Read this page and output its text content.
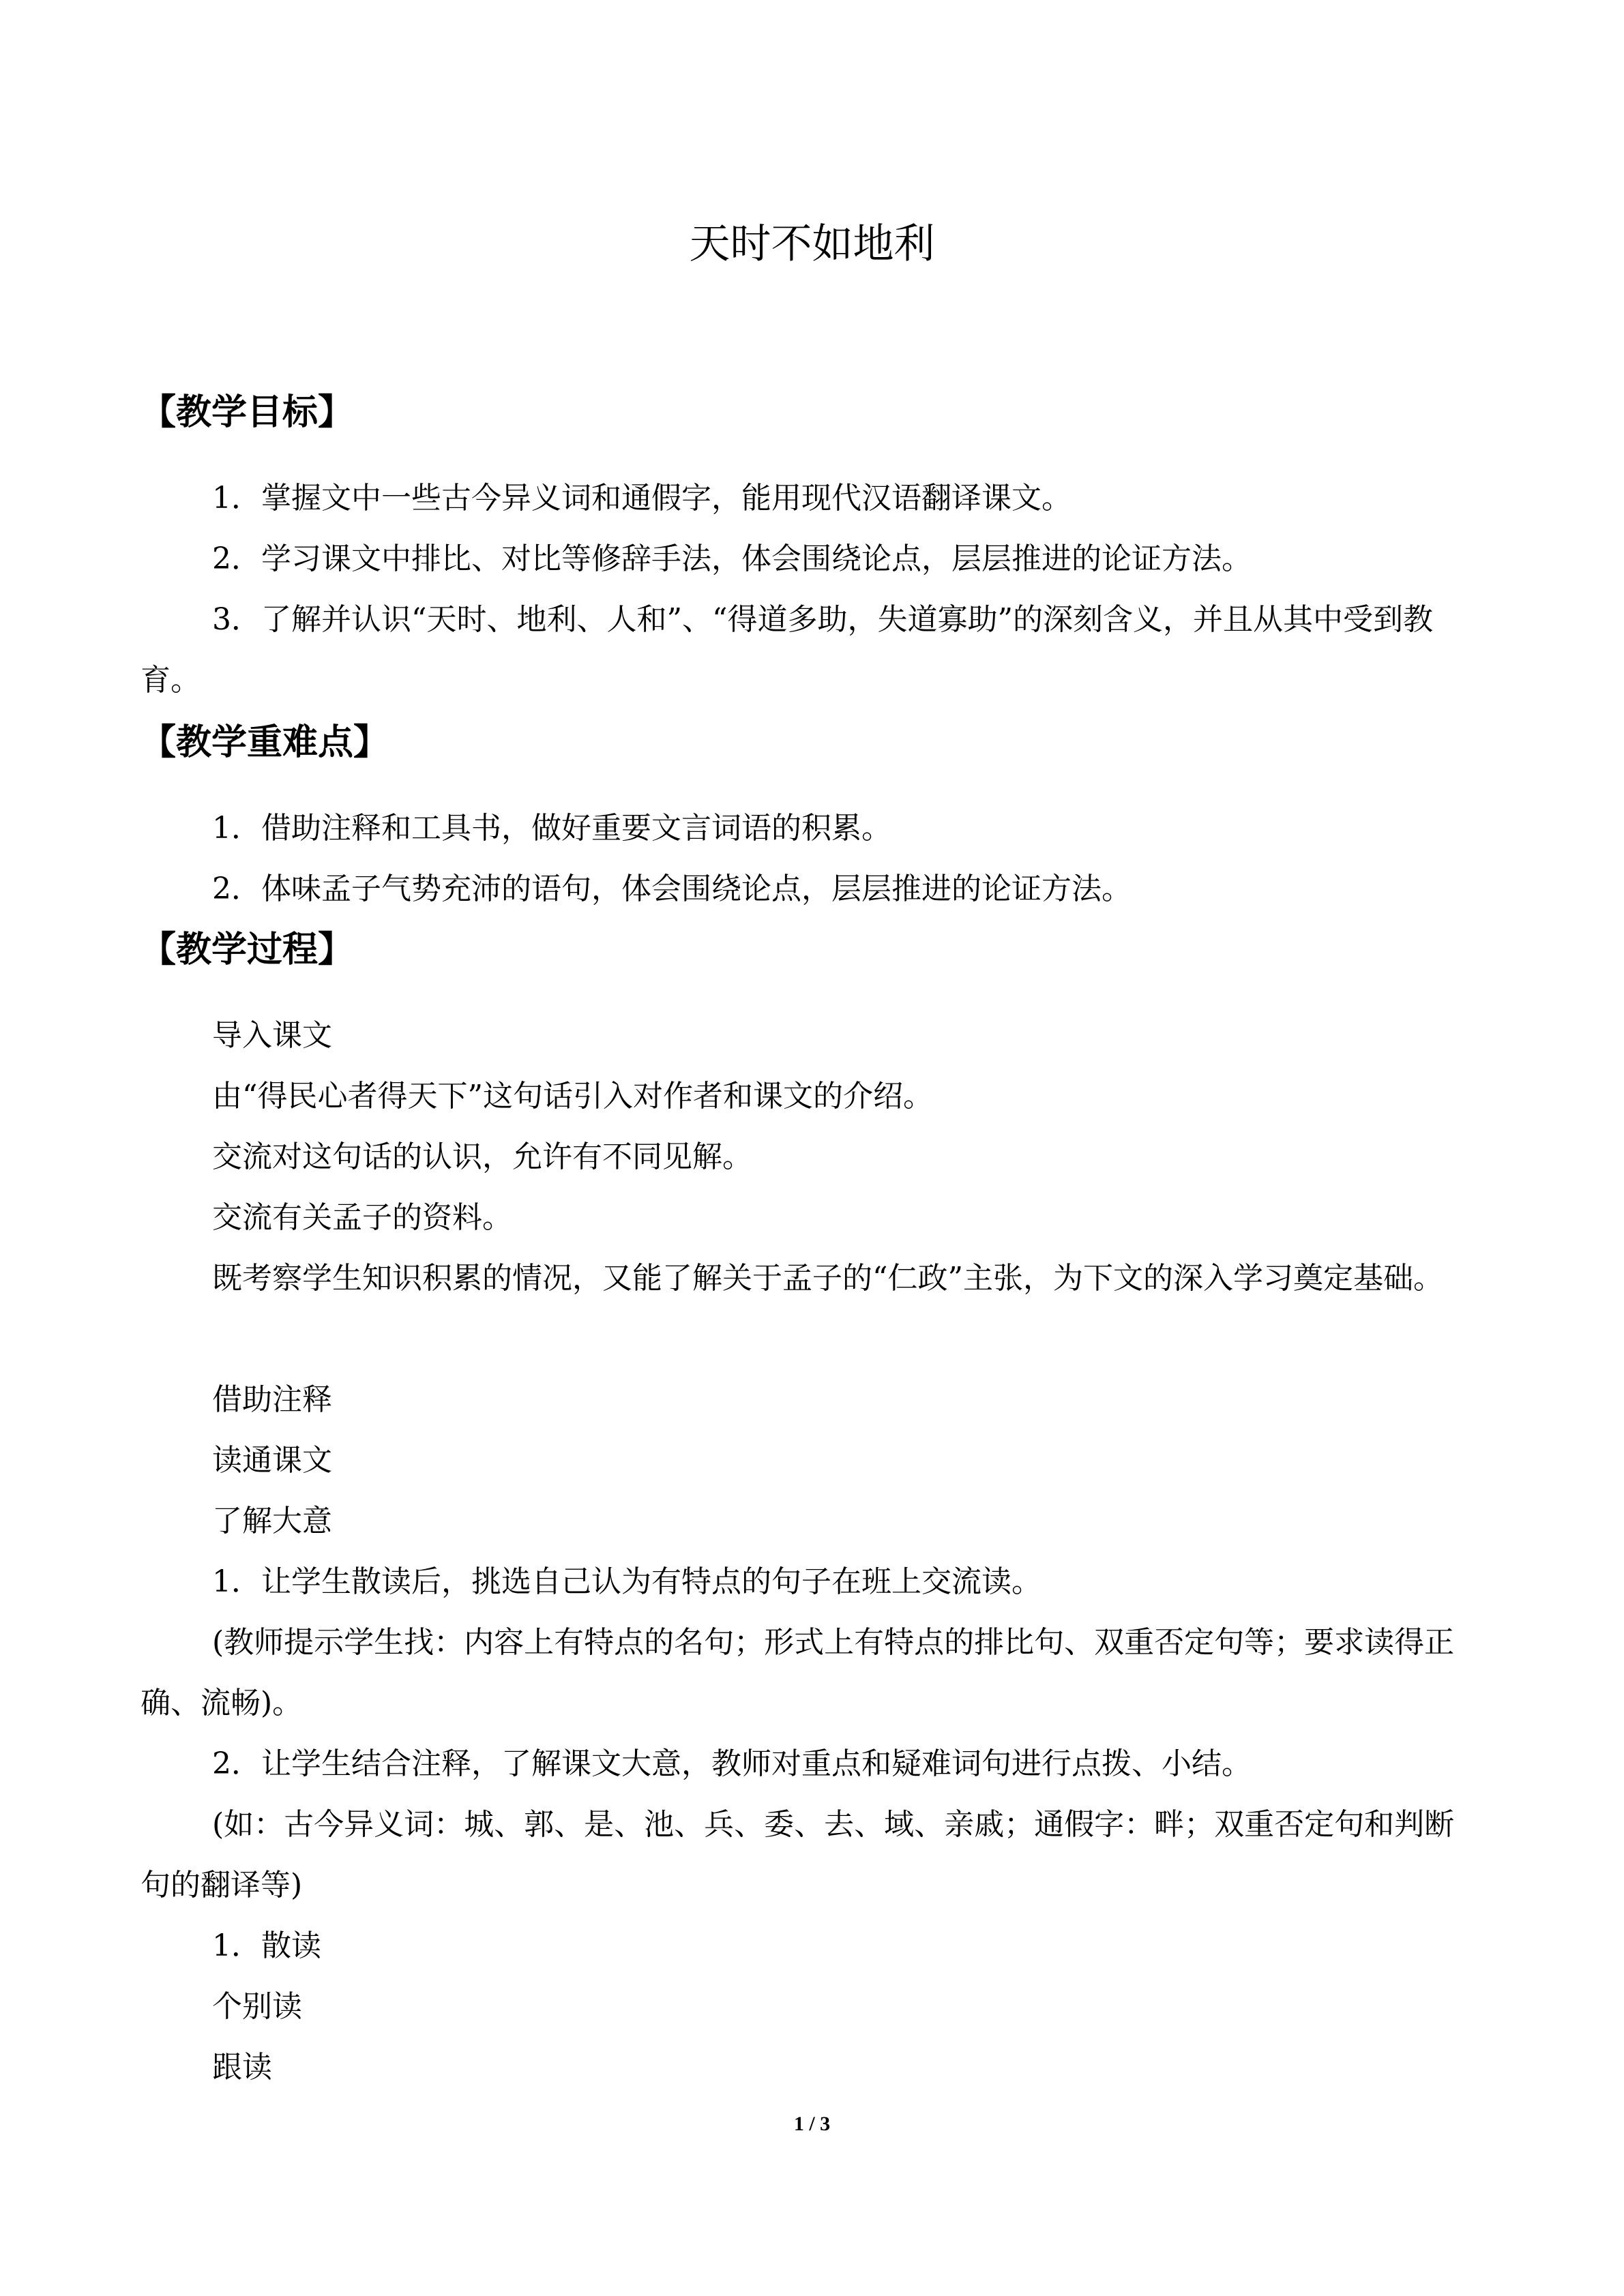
天时不如地利
【教学目标】

1．掌握文中一些古今异义词和通假字，能用现代汉语翻译课文。

2．学习课文中排比、对比等修辞手法，体会围绕论点，层层推进的论证方法。

3．了解并认识“天时、地利、人和”、“得道多助，失道寡助”的深刻含义，并且从其中受到教育。

【教学重难点】

1．借助注释和工具书，做好重要文言词语的积累。

2．体味孟子气势充沛的语句，体会围绕论点，层层推进的论证方法。

【教学过程】

导入课文

由“得民心者得天下”这句话引入对作者和课文的介绍。

交流对这句话的认识，允许有不同见解。

交流有关孟子的资料。

既考察学生知识积累的情况，又能了解关于孟子的“仁政”主张，为下文的深入学习奠定基础。

借助注释

读通课文

了解大意

1．让学生散读后，挑选自己认为有特点的句子在班上交流读。

(教师提示学生找：内容上有特点的名句；形式上有特点的排比句、双重否定句等；要求读得正确、流畅)。

2．让学生结合注释，了解课文大意，教师对重点和疑难词句进行点拨、小结。

(如：古今异义词：城、郭、是、池、兵、委、去、域、亲戚；通假字：畔；双重否定句和判断句的翻译等)

1．散读

个别读

跟读

1 / 3
